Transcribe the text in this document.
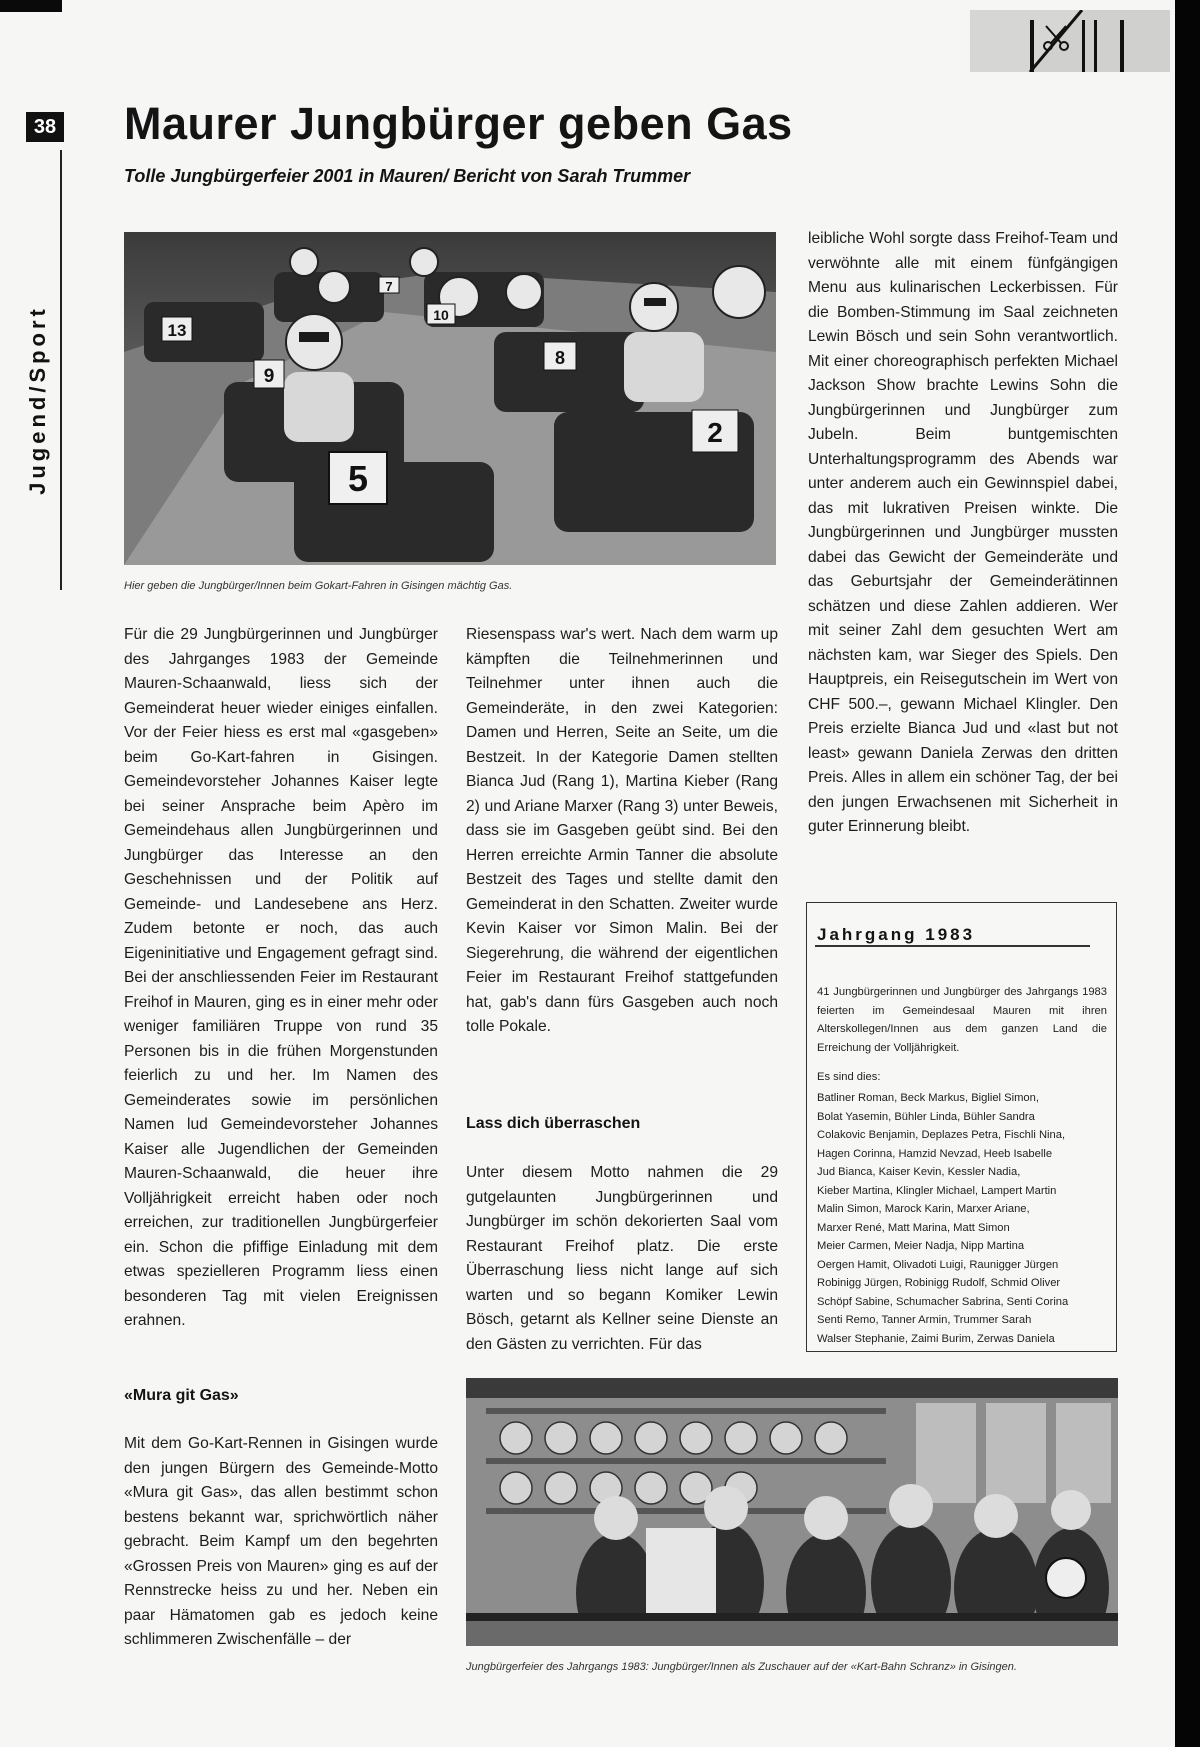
38
Jugend/Sport
Maurer Jungbürger geben Gas
Tolle Jungbürgerfeier 2001 in Mauren/ Bericht von Sarah Trummer
13
7
10
9
8
2
5
Hier geben die Jungbürger/Innen beim Gokart-Fahren in Gisingen mächtig Gas.

Für die 29 Jungbürgerinnen und Jungbürger des Jahrganges 1983 der Gemeinde Mauren-Schaanwald, liess sich der Gemeinderat heuer wieder einiges einfallen. Vor der Feier hiess es erst mal «gasgeben» beim Go-Kart-fahren in Gisingen. Gemeindevorsteher Johannes Kaiser legte bei seiner Ansprache beim Apèro im Gemeindehaus allen Jungbürgerinnen und Jungbürger das Interesse an den Geschehnissen und der Politik auf Gemeinde- und Landesebene ans Herz. Zudem betonte er noch, das auch Eigeninitiative und Engagement gefragt sind. Bei der anschliessenden Feier im Restaurant Freihof in Mauren, ging es in einer mehr oder weniger familiären Truppe von rund 35 Personen bis in die frühen Morgenstunden feierlich zu und her. Im Namen des Gemeinderates sowie im persönlichen Namen lud Gemeindevorsteher Johannes Kaiser alle Jugendlichen der Gemeinden Mauren-Schaanwald, die heuer ihre Volljährigkeit erreicht haben oder noch erreichen, zur traditionellen Jungbürgerfeier ein. Schon die pfiffige Einladung mit dem etwas spezielleren Programm liess einen besonderen Tag mit vielen Ereignissen erahnen.

«Mura git Gas»

Mit dem Go-Kart-Rennen in Gisingen wurde den jungen Bürgern des Gemeinde-Motto «Mura git Gas», das allen bestimmt schon bestens bekannt war, sprichwörtlich näher gebracht. Beim Kampf um den begehrten «Grossen Preis von Mauren» ging es auf der Rennstrecke heiss zu und her. Neben ein paar Hämatomen gab es jedoch keine schlimmeren Zwischenfälle – der

Riesenspass war's wert. Nach dem warm up kämpften die Teilnehmerinnen und Teilnehmer unter ihnen auch die Gemeinderäte, in den zwei Kategorien: Damen und Herren, Seite an Seite, um die Bestzeit. In der Kategorie Damen stellten Bianca Jud (Rang 1), Martina Kieber (Rang 2) und Ariane Marxer (Rang 3) unter Beweis, dass sie im Gasgeben geübt sind. Bei den Herren erreichte Armin Tanner die absolute Bestzeit des Tages und stellte damit den Gemeinderat in den Schatten. Zweiter wurde Kevin Kaiser vor Simon Malin. Bei der Siegerehrung, die während der eigentlichen Feier im Restaurant Freihof stattgefunden hat, gab's dann fürs Gasgeben auch noch tolle Pokale.

Lass dich überraschen

Unter diesem Motto nahmen die 29 gutgelaunten Jungbürgerinnen und Jungbürger im schön dekorierten Saal vom Restaurant Freihof platz. Die erste Überraschung liess nicht lange auf sich warten und so begann Komiker Lewin Bösch, getarnt als Kellner seine Dienste an den Gästen zu verrichten. Für das

leibliche Wohl sorgte dass Freihof-Team und verwöhnte alle mit einem fünfgängigen Menu aus kulinarischen Leckerbissen. Für die Bomben-Stimmung im Saal zeichneten Lewin Bösch und sein Sohn verantwortlich. Mit einer choreographisch perfekten Michael Jackson Show brachte Lewins Sohn die Jungbürgerinnen und Jungbürger zum Jubeln. Beim buntgemischten Unterhaltungsprogramm des Abends war unter anderem auch ein Gewinnspiel dabei, das mit lukrativen Preisen winkte. Die Jungbürgerinnen und Jungbürger mussten dabei das Gewicht der Gemeinderäte und das Geburtsjahr der Gemeinderätinnen schätzen und diese Zahlen addieren. Wer mit seiner Zahl dem gesuchten Wert am nächsten kam, war Sieger des Spiels. Den Hauptpreis, ein Reisegutschein im Wert von CHF 500.–, gewann Michael Klingler. Den Preis erzielte Bianca Jud und «last but not least» gewann Daniela Zerwas den dritten Preis. Alles in allem ein schöner Tag, der bei den jungen Erwachsenen mit Sicherheit in guter Erinnerung bleibt.

Jahrgang 1983
41 Jungbürgerinnen und Jungbürger des Jahrgangs 1983 feierten im Gemeindesaal Mauren mit ihren Alterskollegen/Innen aus dem ganzen Land die Erreichung der Volljährigkeit.
Es sind dies:
Batliner Roman, Beck Markus, Bigliel Simon,
Bolat Yasemin, Bühler Linda, Bühler Sandra
Colakovic Benjamin, Deplazes Petra, Fischli Nina,
Hagen Corinna, Hamzid Nevzad, Heeb Isabelle
Jud Bianca, Kaiser Kevin, Kessler Nadia,
Kieber Martina, Klingler Michael, Lampert Martin
Malin Simon, Marock Karin, Marxer Ariane,
Marxer René, Matt Marina, Matt Simon
Meier Carmen, Meier Nadja, Nipp Martina
Oergen Hamit, Olivadoti Luigi, Raunigger Jürgen
Robinigg Jürgen, Robinigg Rudolf, Schmid Oliver
Schöpf Sabine, Schumacher Sabrina, Senti Corina
Senti Remo, Tanner Armin, Trummer Sarah
Walser Stephanie, Zaimi Burim, Zerwas Daniela
Jungbürgerfeier des Jahrgangs 1983: Jungbürger/Innen als Zuschauer auf der «Kart-Bahn Schranz» in Gisingen.
